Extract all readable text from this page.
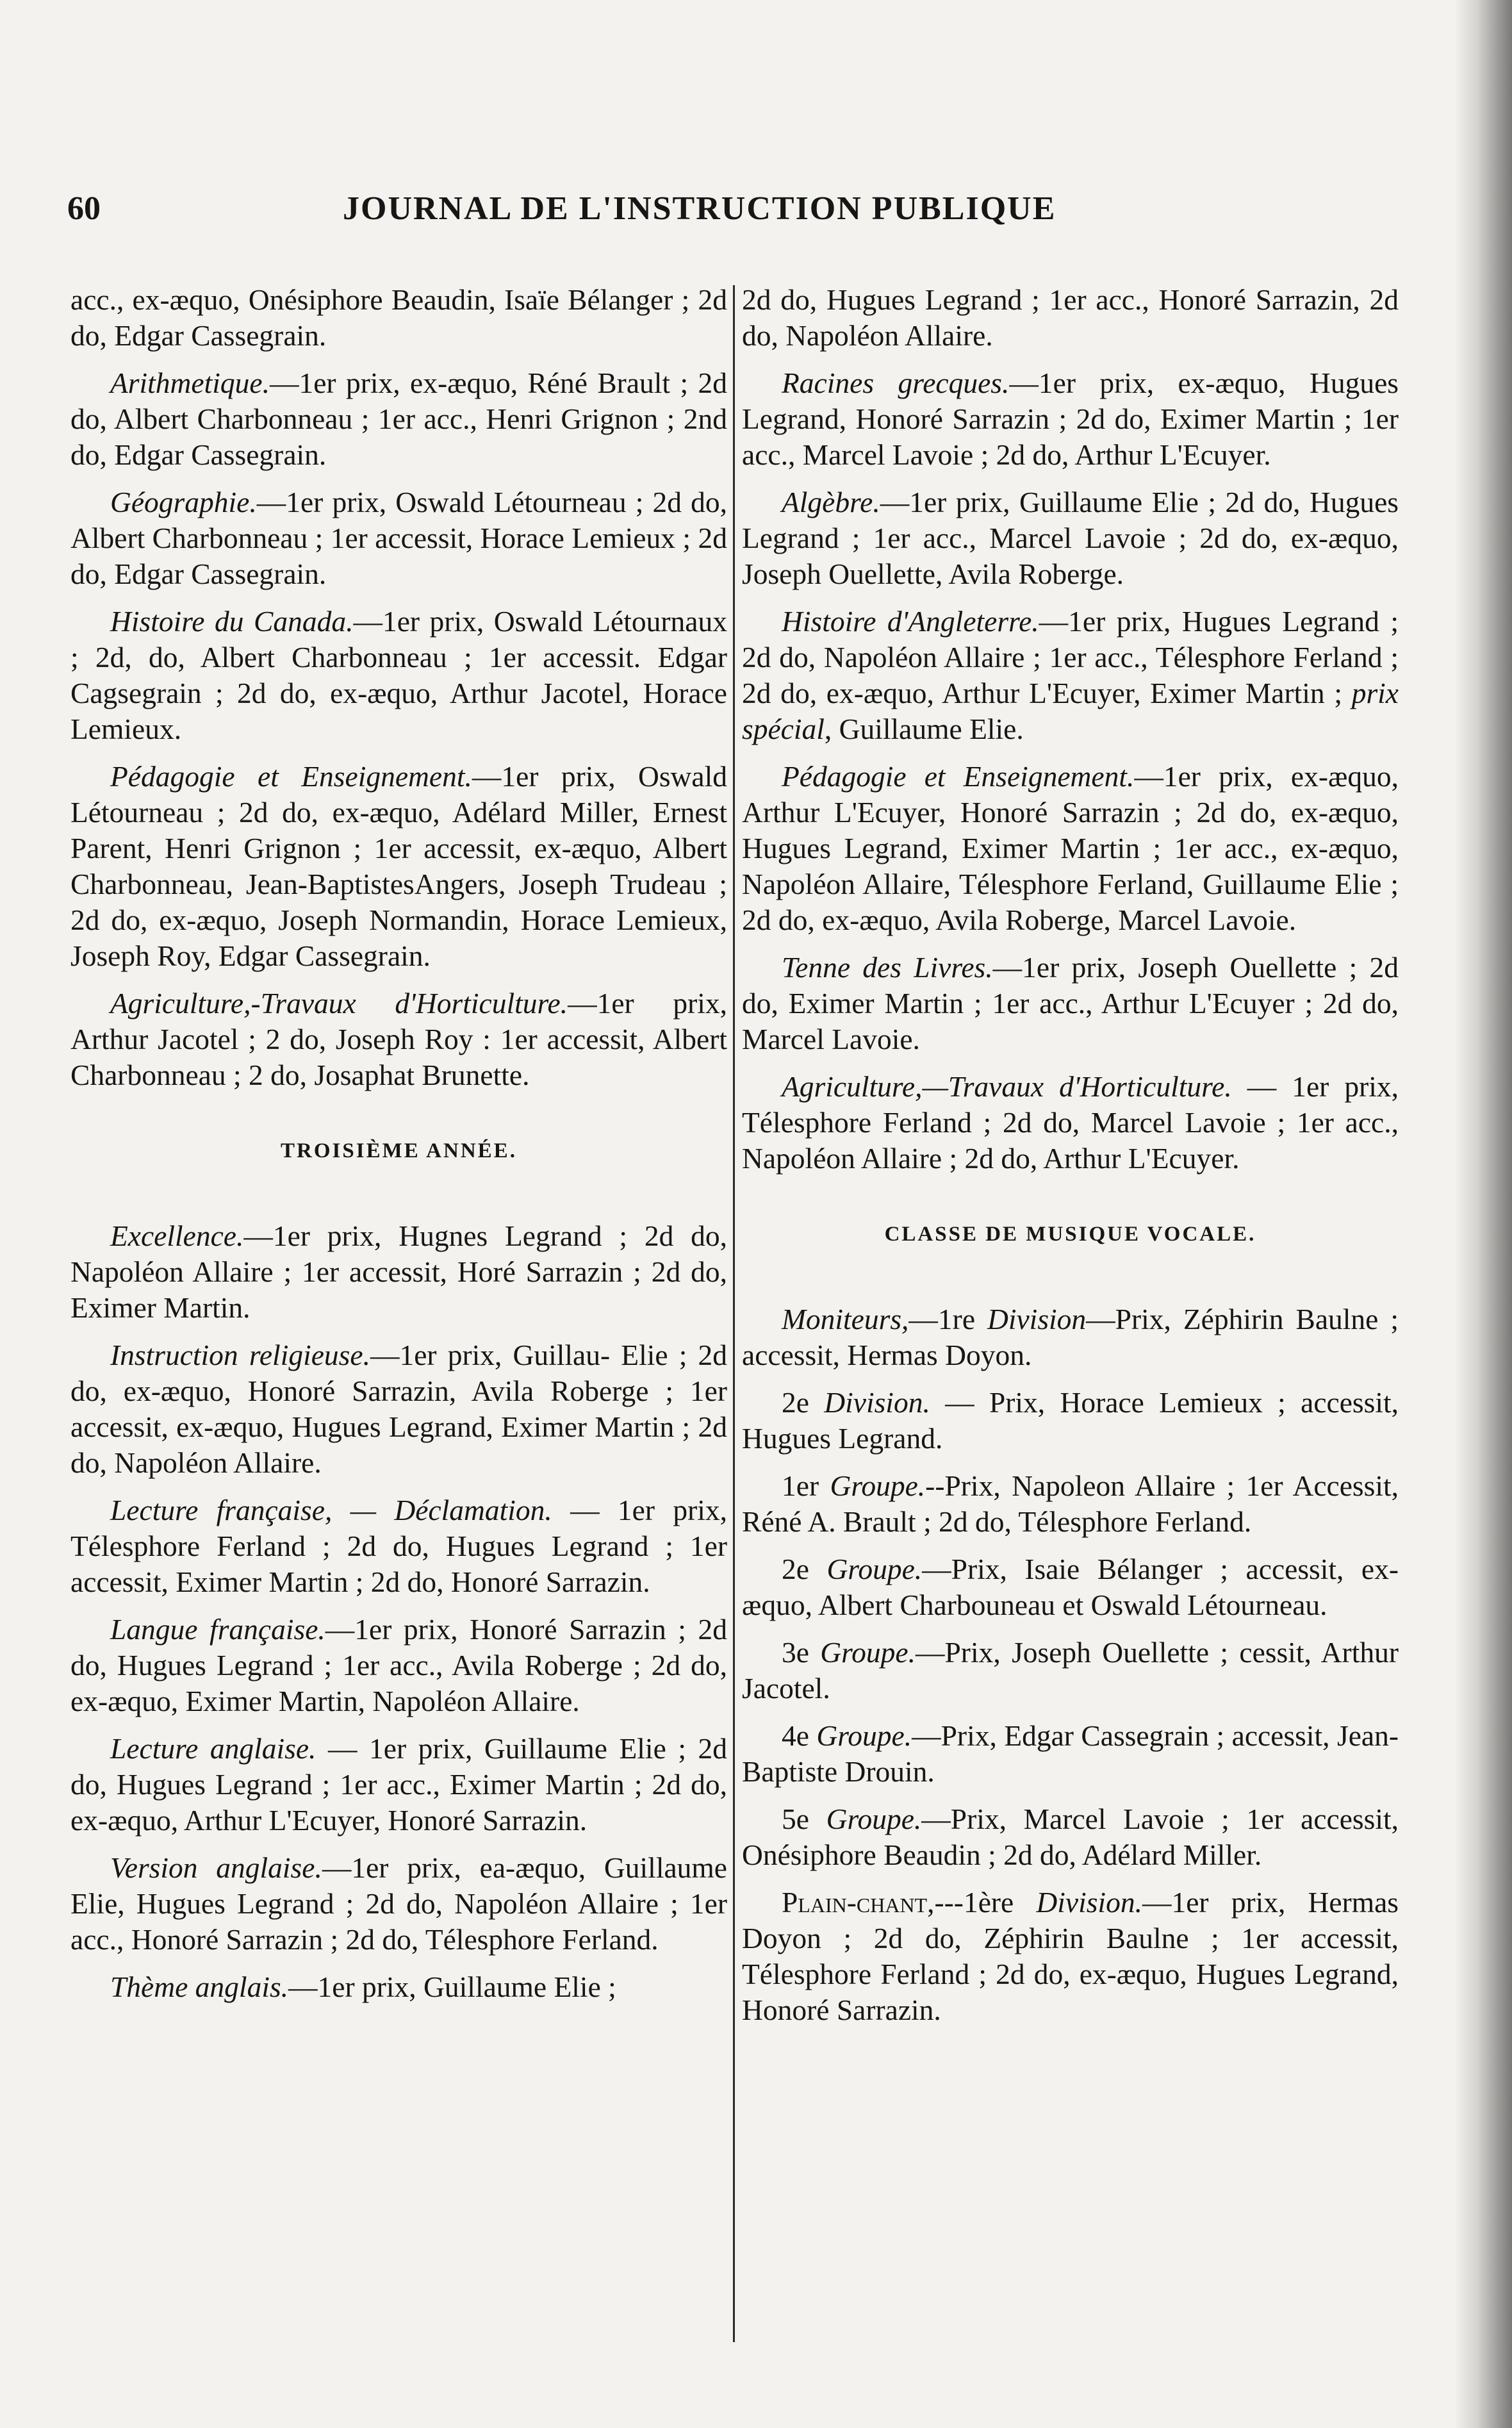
60	JOURNAL DE L'INSTRUCTION PUBLIQUE

acc., ex-æquo, Onésiphore Beaudin, Isaïe Bélanger ; 2d do, Edgar Cassegrain.

Arithmetique.—1er prix, ex-æquo, Réné Brault ; 2d do, Albert Charbonneau ; 1er acc., Henri Grignon ; 2nd do, Edgar Cassegrain.

Géographie.—1er prix, Oswald Létourneau ; 2d do, Albert Charbonneau ; 1er accessit, Horace Lemieux ; 2d do, Edgar Cassegrain.

Histoire du Canada.—1er prix, Oswald Létournaux ; 2d, do, Albert Charbonneau ; 1er accessit. Edgar Cagsegrain ; 2d do, ex-æquo, Arthur Jacotel, Horace Lemieux.

Pédagogie et Enseignement.—1er prix, Oswald Létourneau ; 2d do, ex-æquo, Adélard Miller, Ernest Parent, Henri Grignon ; 1er accessit, ex-æquo, Albert Charbonneau, Jean-BaptistesAngers, Joseph Trudeau ; 2d do, ex-æquo, Joseph Normandin, Horace Lemieux, Joseph Roy, Edgar Cassegrain.

Agriculture,-Travaux d'Horticulture.—1er prix, Arthur Jacotel ; 2 do, Joseph Roy : 1er accessit, Albert Charbonneau ; 2 do, Josaphat Brunette.

TROISIÈME ANNÉE.

Excellence.—1er prix, Hugnes Legrand ; 2d do, Napoléon Allaire ; 1er accessit, Horé Sarrazin ; 2d do, Eximer Martin.

Instruction religieuse.—1er prix, Guillau- Elie ; 2d do, ex-æquo, Honoré Sarrazin, Avila Roberge ; 1er accessit, ex-æquo, Hugues Legrand, Eximer Martin ; 2d do, Napoléon Allaire.

Lecture française, — Déclamation. — 1er prix, Télesphore Ferland ; 2d do, Hugues Legrand ; 1er accessit, Eximer Martin ; 2d do, Honoré Sarrazin.

Langue française.—1er prix, Honoré Sarrazin ; 2d do, Hugues Legrand ; 1er acc., Avila Roberge ; 2d do, ex-æquo, Eximer Martin, Napoléon Allaire.

Lecture anglaise. — 1er prix, Guillaume Elie ; 2d do, Hugues Legrand ; 1er acc., Eximer Martin ; 2d do, ex-æquo, Arthur L'Ecuyer, Honoré Sarrazin.

Version anglaise.—1er prix, ea-æquo, Guillaume Elie, Hugues Legrand ; 2d do, Napoléon Allaire ; 1er acc., Honoré Sarrazin ; 2d do, Télesphore Ferland.

Thème anglais.—1er prix, Guillaume Elie ;

2d do, Hugues Legrand ; 1er acc., Honoré Sarrazin, 2d do, Napoléon Allaire.

Racines grecques.—1er prix, ex-æquo, Hugues Legrand, Honoré Sarrazin ; 2d do, Eximer Martin ; 1er acc., Marcel Lavoie ; 2d do, Arthur L'Ecuyer.

Algèbre.—1er prix, Guillaume Elie ; 2d do, Hugues Legrand ; 1er acc., Marcel Lavoie ; 2d do, ex-æquo, Joseph Ouellette, Avila Roberge.

Histoire d'Angleterre.—1er prix, Hugues Legrand ; 2d do, Napoléon Allaire ; 1er acc., Télesphore Ferland ; 2d do, ex-æquo, Arthur L'Ecuyer, Eximer Martin ; prix spécial, Guillaume Elie.

Pédagogie et Enseignement.—1er prix, ex-æquo, Arthur L'Ecuyer, Honoré Sarrazin ; 2d do, ex-æquo, Hugues Legrand, Eximer Martin ; 1er acc., ex-æquo, Napoléon Allaire, Télesphore Ferland, Guillaume Elie ; 2d do, ex-æquo, Avila Roberge, Marcel Lavoie.

Tenne des Livres.—1er prix, Joseph Ouellette ; 2d do, Eximer Martin ; 1er acc., Arthur L'Ecuyer ; 2d do, Marcel Lavoie.

Agriculture,—Travaux d'Horticulture. — 1er prix, Télesphore Ferland ; 2d do, Marcel Lavoie ; 1er acc., Napoléon Allaire ; 2d do, Arthur L'Ecuyer.

CLASSE DE MUSIQUE VOCALE.

Moniteurs,—1re Division—Prix, Zéphirin Baulne ; accessit, Hermas Doyon.

2e Division. — Prix, Horace Lemieux ; accessit, Hugues Legrand.

1er Groupe.--Prix, Napoleon Allaire ; 1er Accessit, Réné A. Brault ; 2d do, Télesphore Ferland.

2e Groupe.—Prix, Isaie Bélanger ; accessit, ex-æquo, Albert Charbouneau et Oswald Létourneau.

3e Groupe.—Prix, Joseph Ouellette ; cessit, Arthur Jacotel.

4e Groupe.—Prix, Edgar Cassegrain ; accessit, Jean-Baptiste Drouin.

5e Groupe.—Prix, Marcel Lavoie ; 1er accessit, Onésiphore Beaudin ; 2d do, Adélard Miller.

Plain-chant,---1ère Division.—1er prix, Hermas Doyon ; 2d do, Zéphirin Baulne ; 1er accessit, Télesphore Ferland ; 2d do, ex-æquo, Hugues Legrand, Honoré Sarrazin.
